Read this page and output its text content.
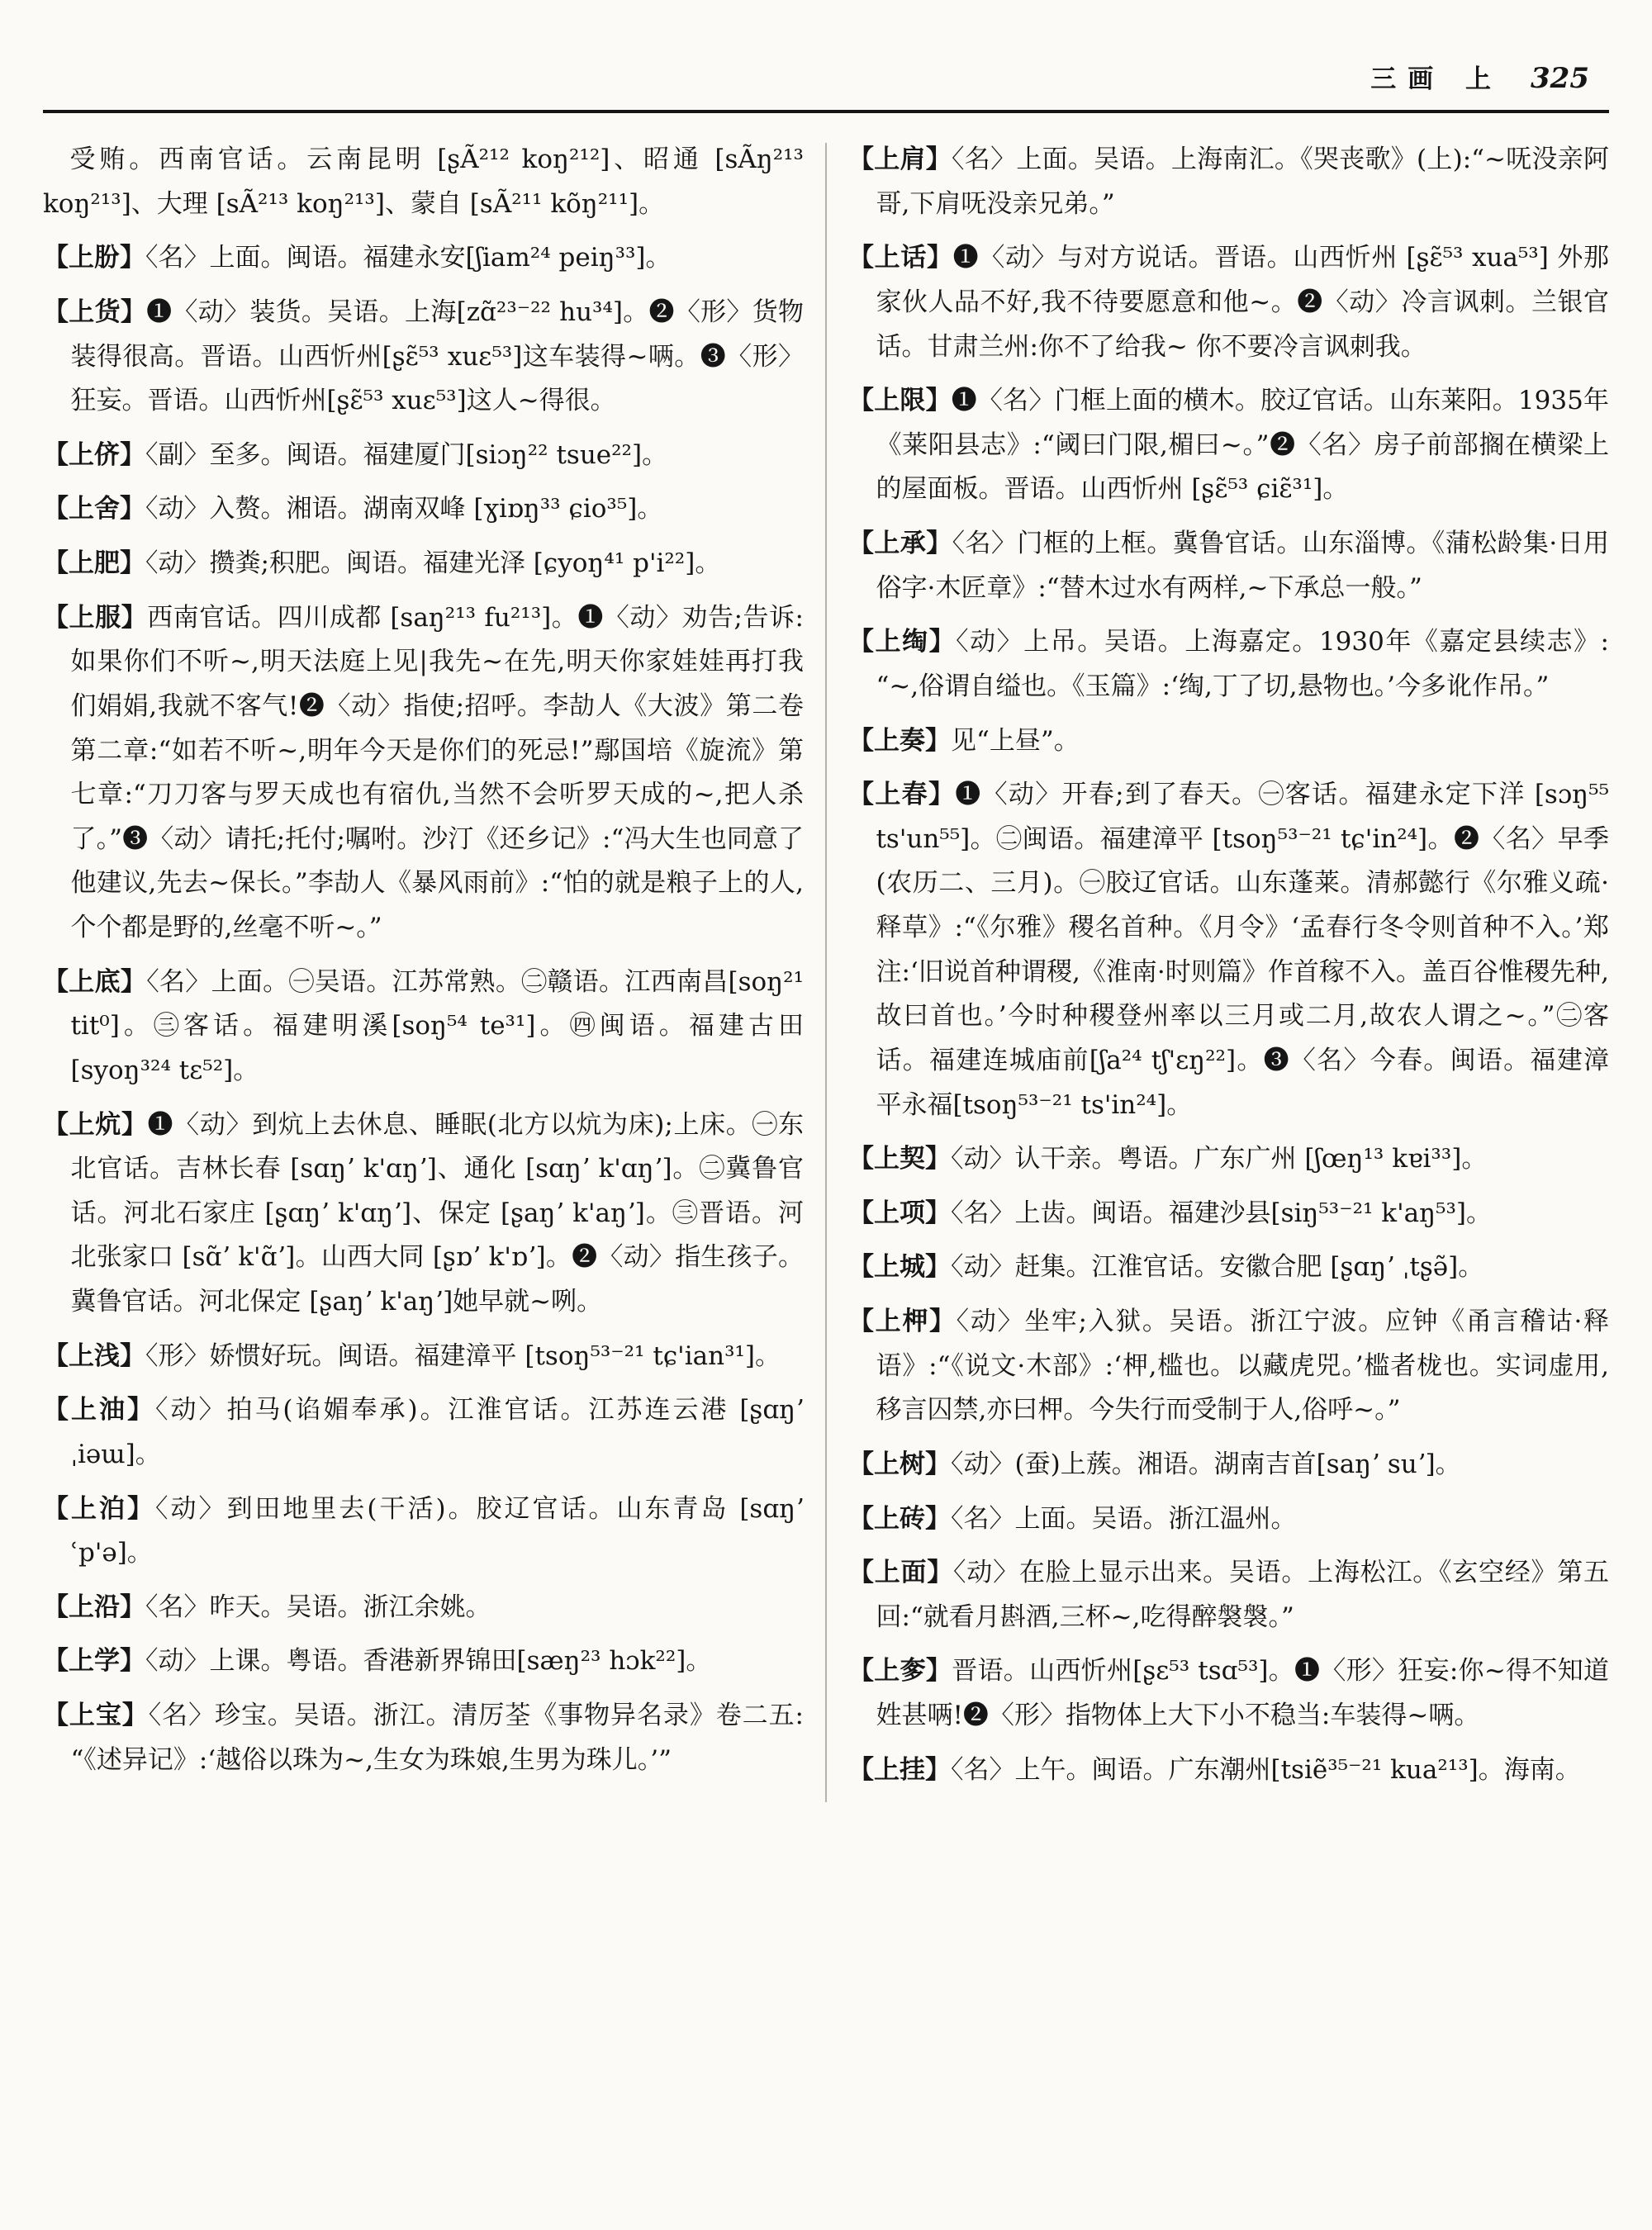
三画 上 325

受贿。西南官话。云南昆明 [ʂÃ²¹² koŋ²¹²]、昭通 [sÃŋ²¹³ koŋ²¹³]、大理 [sÃ²¹³ koŋ²¹³]、蒙自 [sÃ²¹¹ kõŋ²¹¹]。

【上朌】〈名〉上面。闽语。福建永安[ʃiam²⁴ peiŋ³³]。

【上货】❶〈动〉装货。吴语。上海[zɑ̃²³⁻²² hu³⁴]。❷〈形〉货物装得很高。晋语。山西忻州[ʂɛ̃⁵³ xuɛ⁵³]这车装得~唡。❸〈形〉狂妄。晋语。山西忻州[ʂɛ̃⁵³ xuɛ⁵³]这人~得很。

【上侪】〈副〉至多。闽语。福建厦门[siɔŋ²² tsue²²]。

【上舍】〈动〉入赘。湘语。湖南双峰 [ɣiɒŋ³³ ɕio³⁵]。

【上肥】〈动〉攒粪;积肥。闽语。福建光泽 [ɕyoŋ⁴¹ p'i²²]。

【上服】西南官话。四川成都 [saŋ²¹³ fu²¹³]。❶〈动〉劝告;告诉:如果你们不听~,明天法庭上见|我先~在先,明天你家娃娃再打我们娟娟,我就不客气!❷〈动〉指使;招呼。李劼人《大波》第二卷第二章:“如若不听~,明年今天是你们的死忌!”鄢国培《旋流》第七章:“刀刀客与罗天成也有宿仇,当然不会听罗天成的~,把人杀了。”❸〈动〉请托;托付;嘱咐。沙汀《还乡记》:“冯大生也同意了他建议,先去~保长。”李劼人《暴风雨前》:“怕的就是粮子上的人,个个都是野的,丝毫不听~。”

【上底】〈名〉上面。㊀吴语。江苏常熟。㊁赣语。江西南昌[soŋ²¹ tit⁰]。㊂客话。福建明溪[soŋ⁵⁴ te³¹]。㊃闽语。福建古田 [syoŋ³²⁴ tɛ⁵²]。

【上炕】❶〈动〉到炕上去休息、睡眠(北方以炕为床);上床。㊀东北官话。吉林长春 [sɑŋʼ k'ɑŋʼ]、通化 [sɑŋʼ k'ɑŋʼ]。㊁冀鲁官话。河北石家庄 [ʂɑŋʼ k'ɑŋʼ]、保定 [ʂaŋʼ k'aŋʼ]。㊂晋语。河北张家口 [sɑ̃ʼ k'ɑ̃ʼ]。山西大同 [ʂɒʼ k'ɒʼ]。❷〈动〉指生孩子。冀鲁官话。河北保定 [ʂaŋʼ k'aŋʼ]她早就~咧。

【上浅】〈形〉娇惯好玩。闽语。福建漳平 [tsoŋ⁵³⁻²¹ tɕ'ian³¹]。

【上油】〈动〉拍马(谄媚奉承)。江淮官话。江苏连云港 [ʂɑŋʼ ˌiəɯ]。

【上泊】〈动〉到田地里去(干活)。胶辽官话。山东青岛 [sɑŋʼ ʿp'ə]。

【上沿】〈名〉昨天。吴语。浙江余姚。

【上学】〈动〉上课。粤语。香港新界锦田[sæŋ²³ hɔk²²]。

【上宝】〈名〉珍宝。吴语。浙江。清厉荃《事物异名录》卷二五:“《述异记》:‘越俗以珠为~,生女为珠娘,生男为珠儿。’”

【上肩】〈名〉上面。吴语。上海南汇。《哭丧歌》(上):“~呒没亲阿哥,下肩呒没亲兄弟。”

【上话】❶〈动〉与对方说话。晋语。山西忻州 [ʂɛ̃⁵³ xua⁵³] 外那家伙人品不好,我不待要愿意和他~。❷〈动〉冷言讽刺。兰银官话。甘肃兰州:你不了给我~ 你不要冷言讽刺我。

【上限】❶〈名〉门框上面的横木。胶辽官话。山东莱阳。1935年《莱阳县志》:“阈曰门限,楣曰~。”❷〈名〉房子前部搁在横梁上的屋面板。晋语。山西忻州 [ʂɛ̃⁵³ ɕiɛ̃³¹]。

【上承】〈名〉门框的上框。冀鲁官话。山东淄博。《蒲松龄集·日用俗字·木匠章》:“替木过水有两样,~下承总一般。”

【上绹】〈动〉上吊。吴语。上海嘉定。1930年《嘉定县续志》:“~,俗谓自缢也。《玉篇》:‘绹,丁了切,悬物也。’今多讹作吊。”

【上奏】见“上昼”。

【上春】❶〈动〉开春;到了春天。㊀客话。福建永定下洋 [sɔŋ⁵⁵ ts'un⁵⁵]。㊁闽语。福建漳平 [tsoŋ⁵³⁻²¹ tɕ'in²⁴]。❷〈名〉早季(农历二、三月)。㊀胶辽官话。山东蓬莱。清郝懿行《尔雅义疏·释草》:“《尔雅》稷名首种。《月令》‘孟春行冬令则首种不入。’郑注:‘旧说首种谓稷,《淮南·时则篇》作首稼不入。盖百谷惟稷先种,故曰首也。’今时种稷登州率以三月或二月,故农人谓之~。”㊁客话。福建连城庙前[ʃa²⁴ tʃ'ɛŋ²²]。❸〈名〉今春。闽语。福建漳平永福[tsoŋ⁵³⁻²¹ ts'in²⁴]。

【上契】〈动〉认干亲。粤语。广东广州 [ʃœŋ¹³ kɐi³³]。

【上项】〈名〉上齿。闽语。福建沙县[siŋ⁵³⁻²¹ k'aŋ⁵³]。

【上城】〈动〉赶集。江淮官话。安徽合肥 [ʂɑŋʼ ˌtʂə̃]。

【上柙】〈动〉坐牢;入狱。吴语。浙江宁波。应钟《甬言稽诂·释语》:“《说文·木部》:‘柙,槛也。以藏虎兕。’槛者栊也。实词虚用,移言囚禁,亦曰柙。今失行而受制于人,俗呼~。”

【上树】〈动〉(蚕)上蔟。湘语。湖南吉首[saŋʼ suʼ]。

【上砖】〈名〉上面。吴语。浙江温州。

【上面】〈动〉在脸上显示出来。吴语。上海松江。《玄空经》第五回:“就看月斟酒,三杯~,吃得醉褩褩。”

【上奓】晋语。山西忻州[ʂɛ⁵³ tsɑ⁵³]。❶〈形〉狂妄:你~得不知道姓甚唡!❷〈形〉指物体上大下小不稳当:车装得~唡。

【上挂】〈名〉上午。闽语。广东潮州[tsiẽ³⁵⁻²¹ kua²¹³]。海南。
